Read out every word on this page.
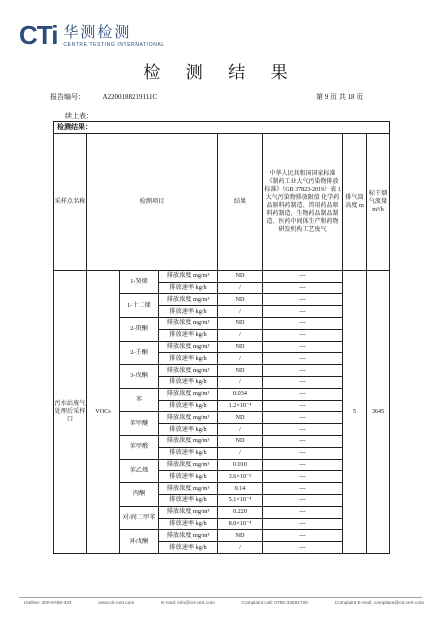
CTi 华测检测
CENTRE TESTING INTERNATIONAL
检 测 结 果
报告编号：	A2200188219111C	第 9 页 共 18 页
续上表：
检测结果：							
采样点名称	检测项目			结果	中华人民共和国国家标准《制药工业大气污染物排放标准》（GB 37823-2019）表 1 大气污染物排放限值 化学药品原料药制造、兽用药品原料药制造、生物药品制品制造、医药中间体生产和药物研发机构工艺废气	排气筒高度 m	标干烟气流量 m³/h
污水站废气处理后采样口	VOCs	1-癸烯	排放浓度 mg/m³	ND	---	5	3645
			排放速率 kg/h	/	---		
		1-十二烯	排放浓度 mg/m³	ND	---		
			排放速率 kg/h	/	---		
		2-庚酮	排放浓度 mg/m³	ND	---		
			排放速率 kg/h	/	---		
		2-壬酮	排放浓度 mg/m³	ND	---		
			排放速率 kg/h	/	---		
		3-戊酮	排放浓度 mg/m³	ND	---		
			排放速率 kg/h	/	---		
		苯	排放浓度 mg/m³	0.034	---		
			排放速率 kg/h	1.2×10⁻⁴	---		
		苯甲醚	排放浓度 mg/m³	ND	---		
			排放速率 kg/h	/	---		
		苯甲醛	排放浓度 mg/m³	ND	---		
			排放速率 kg/h	/	---		
		苯乙烯	排放浓度 mg/m³	0.010	---		
			排放速率 kg/h	3.6×10⁻⁵	---		
		丙酮	排放浓度 mg/m³	0.14	---		
			排放速率 kg/h	5.1×10⁻⁴	---		
		对/间二甲苯	排放浓度 mg/m³	0.220	---		
			排放速率 kg/h	8.0×10⁻⁴	---		
		环戊酮	排放浓度 mg/m³	ND	---		
			排放速率 kg/h	/	---		
Hotline: 400-6788-333	www.cti-cert.com	E-mail: info@cti-cert.com	Complaint call: 0755-33681700	Complaint E-mail: complaint@cti-cert.com
